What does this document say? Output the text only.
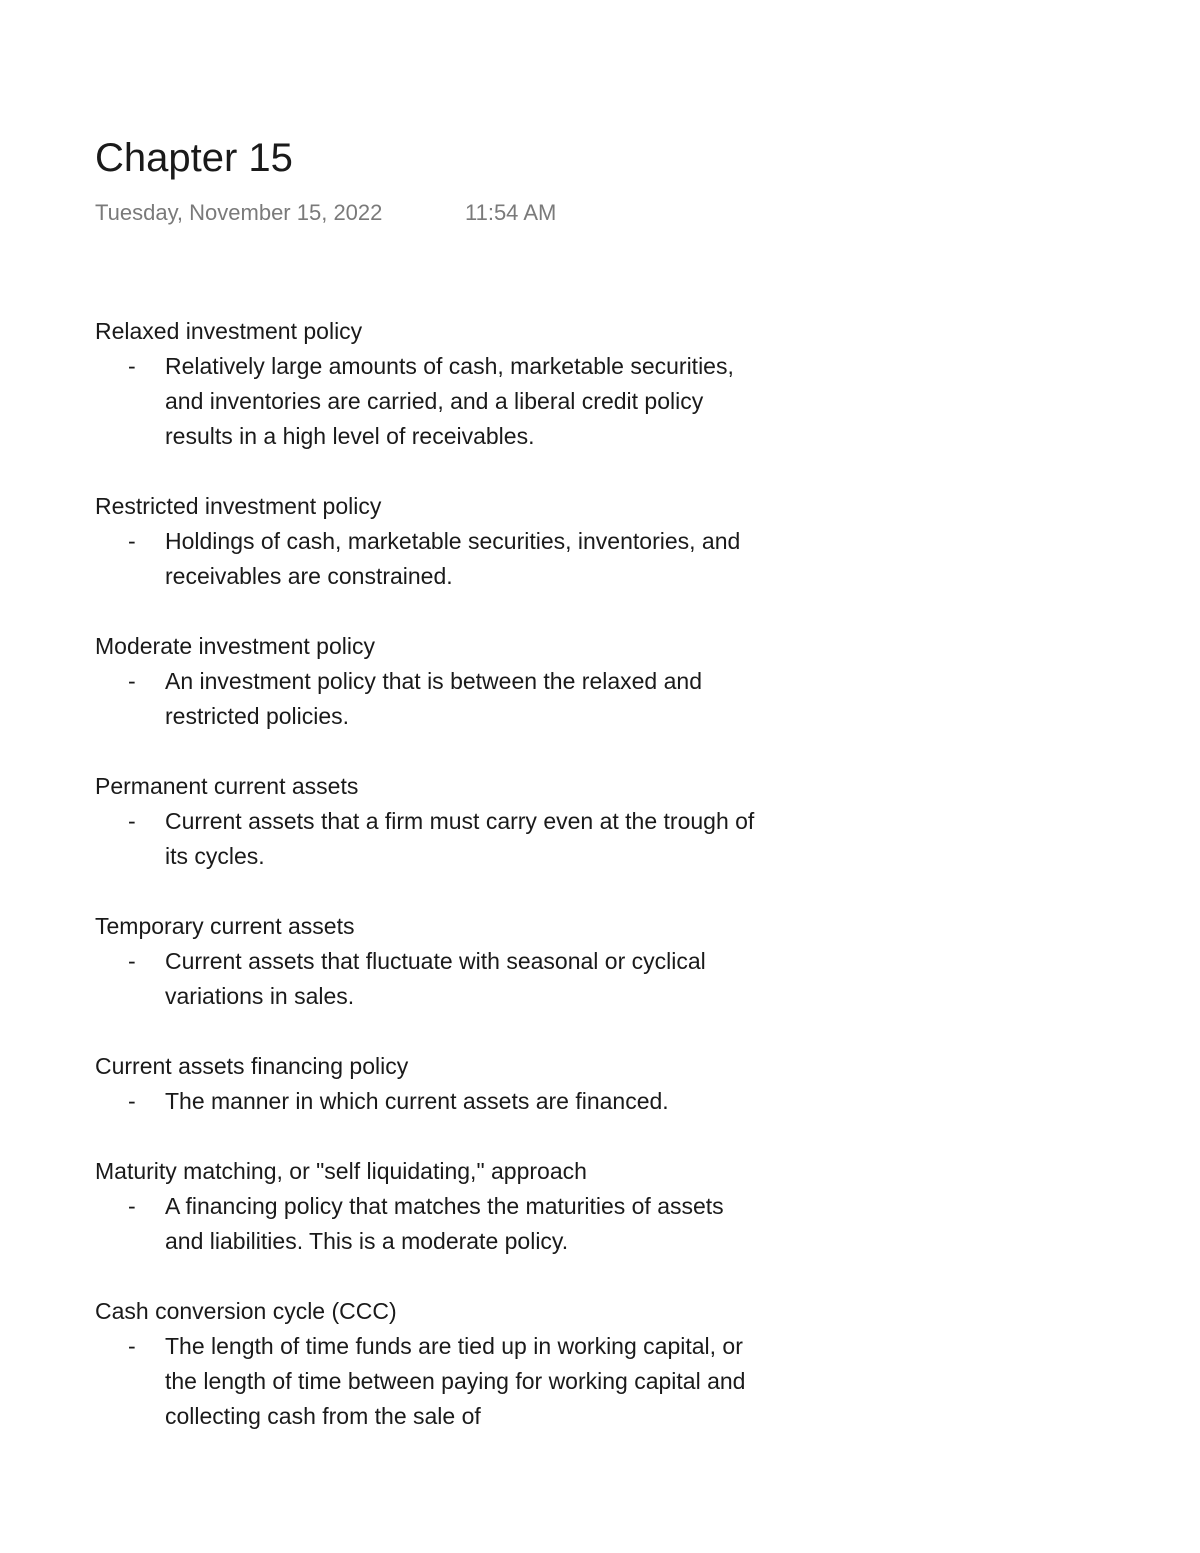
Chapter 15
Tuesday, November 15, 2022	11:54 AM

Relaxed investment policy

- Relatively large amounts of cash, marketable securities, and inventories are carried, and a liberal credit policy results in a high level of receivables.

Restricted investment policy

- Holdings of cash, marketable securities, inventories, and receivables are constrained.

Moderate investment policy

- An investment policy that is between the relaxed and restricted policies.

Permanent current assets

- Current assets that a firm must carry even at the trough of its cycles.

Temporary current assets

- Current assets that fluctuate with seasonal or cyclical variations in sales.

Current assets financing policy

- The manner in which current assets are financed.

Maturity matching, or "self liquidating," approach

- A financing policy that matches the maturities of assets and liabilities. This is a moderate policy.

Cash conversion cycle (CCC)

- The length of time funds are tied up in working capital, or the length of time between paying for working capital and collecting cash from the sale of
